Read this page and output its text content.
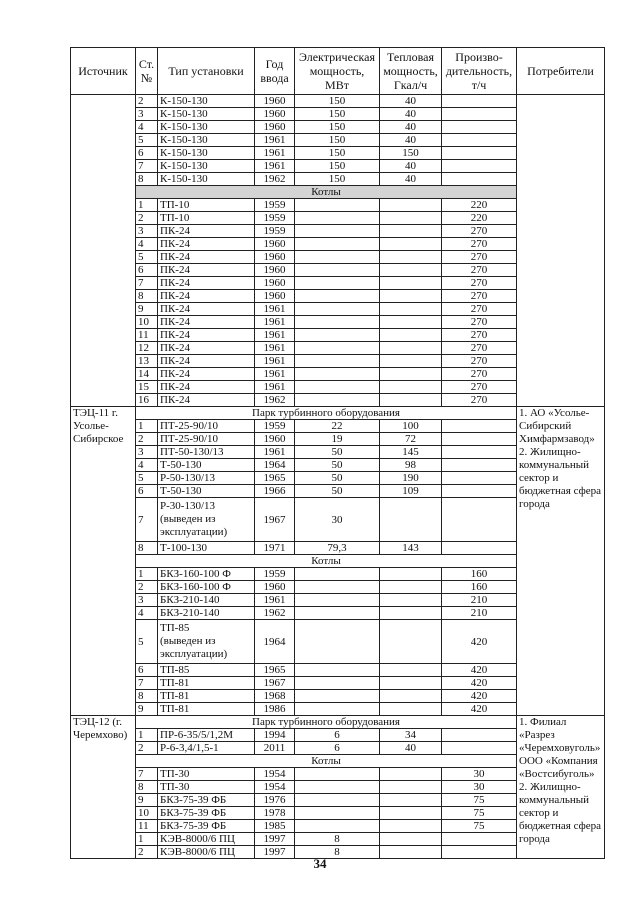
Источник	Ст. №	Тип установки	Год ввода	Электрическая мощность, МВт	Тепловая мощность, Гкал/ч	Произво-дительность, т/ч	Потребители
	2	К-150-130	1960	150	40		
	3	К-150-130	1960	150	40		
	4	К-150-130	1960	150	40		
	5	К-150-130	1961	150	40		
	6	К-150-130	1961	150	150		
	7	К-150-130	1961	150	40		
	8	К-150-130	1962	150	40		
	Котлы						
	1	ТП-10	1959			220	
	2	ТП-10	1959			220	
	3	ПК-24	1959			270	
	4	ПК-24	1960			270	
	5	ПК-24	1960			270	
	6	ПК-24	1960			270	
	7	ПК-24	1960			270	
	8	ПК-24	1960			270	
	9	ПК-24	1961			270	
	10	ПК-24	1961			270	
	11	ПК-24	1961			270	
	12	ПК-24	1961			270	
	13	ПК-24	1961			270	
	14	ПК-24	1961			270	
	15	ПК-24	1961			270	
	16	ПК-24	1962			270	
ТЭЦ-11 г. Усолье-Сибирское	Парк турбинного оборудования						1. АО «Усолье-Сибирский Химфармзавод»
2. Жилищно-коммунальный сектор и бюджетная сфера города
	1	ПТ-25-90/10	1959	22	100		
	2	ПТ-25-90/10	1960	19	72		
	3	ПТ-50-130/13	1961	50	145		
	4	Т-50-130	1964	50	98		
	5	Р-50-130/13	1965	50	190		
	6	Т-50-130	1966	50	109		
	7	Р-30-130/13
(выведен из
эксплуатации)	1967	30			
	8	Т-100-130	1971	79,3	143		
	Котлы						
	1	БКЗ-160-100 Ф	1959			160	
	2	БКЗ-160-100 Ф	1960			160	
	3	БКЗ-210-140	1961			210	
	4	БКЗ-210-140	1962			210	
	5	ТП-85
(выведен из
эксплуатации)	1964			420	
	6	ТП-85	1965			420	
	7	ТП-81	1967			420	
	8	ТП-81	1968			420	
	9	ТП-81	1986			420	
ТЭЦ-12 (г. Черемхово)	Парк турбинного оборудования						1. Филиал «Разрез «Черемховуголь» ООО «Компания «Востсибуголь»
2. Жилищно-коммунальный сектор и бюджетная сфера города
	1	ПР-6-35/5/1,2М	1994	6	34		
	2	Р-6-3,4/1,5-1	2011	6	40		
	Котлы						
	7	ТП-30	1954			30	
	8	ТП-30	1954			30	
	9	БКЗ-75-39 ФБ	1976			75	
	10	БКЗ-75-39 ФБ	1978			75	
	11	БКЗ-75-39 ФБ	1985			75	
	1	КЭВ-8000/6 ПЦ	1997	8			
	2	КЭВ-8000/6 ПЦ	1997	8			
34
